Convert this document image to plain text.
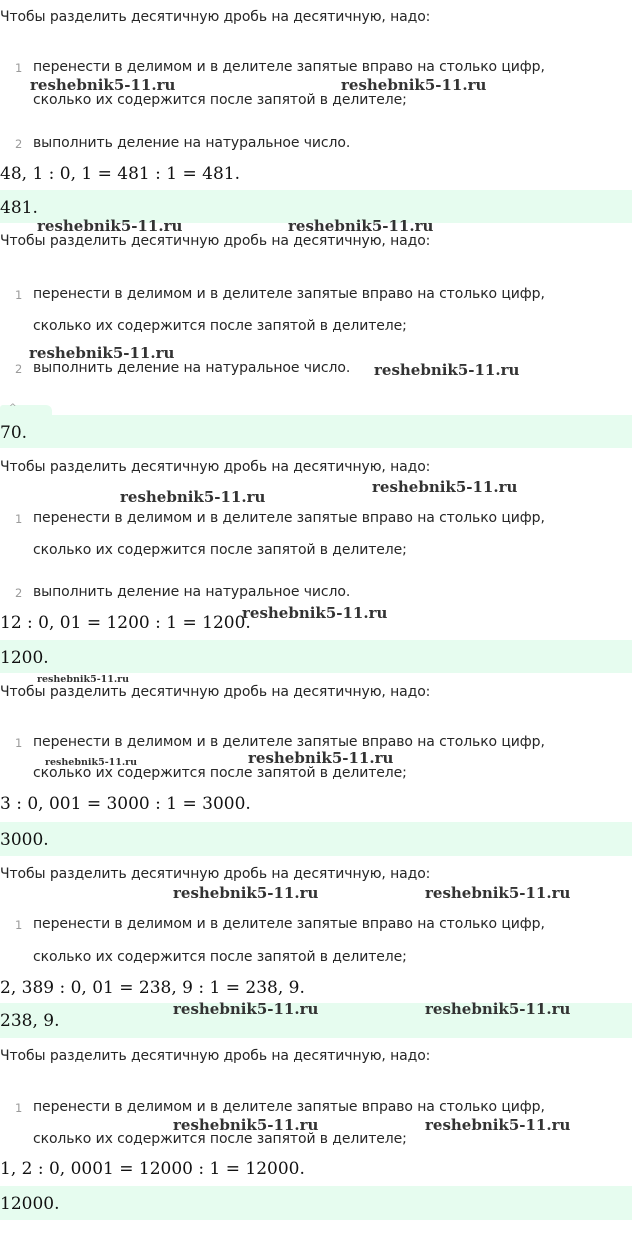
Чтобы разделить десятичную дробь на десятичную, надо:
1 перенести в делимом и в делителе запятые вправо на столько цифр,
сколько их содержится после запятой в делителе;
2 выполнить деление на натуральное число.
48, 1 : 0, 1 = 481 : 1 = 481.
481.
Чтобы разделить десятичную дробь на десятичную, надо:
1 перенести в делимом и в делителе запятые вправо на столько цифр,
сколько их содержится после запятой в делителе;
2 выполнить деление на натуральное число.
^
70.
Чтобы разделить десятичную дробь на десятичную, надо:
1 перенести в делимом и в делителе запятые вправо на столько цифр,
сколько их содержится после запятой в делителе;
2 выполнить деление на натуральное число.
12 : 0, 01 = 1200 : 1 = 1200.
1200.
Чтобы разделить десятичную дробь на десятичную, надо:
1 перенести в делимом и в делителе запятые вправо на столько цифр,
сколько их содержится после запятой в делителе;
3 : 0, 001 = 3000 : 1 = 3000.
3000.
Чтобы разделить десятичную дробь на десятичную, надо:
1 перенести в делимом и в делителе запятые вправо на столько цифр,
сколько их содержится после запятой в делителе;
2, 389 : 0, 01 = 238, 9 : 1 = 238, 9.
238, 9.
Чтобы разделить десятичную дробь на десятичную, надо:
1 перенести в делимом и в делителе запятые вправо на столько цифр,
сколько их содержится после запятой в делителе;
1, 2 : 0, 0001 = 12000 : 1 = 12000.
12000.
reshebnik5-11.ru	reshebnik5-11.ru
reshebnik5-11.ru	reshebnik5-11.ru
reshebnik5-11.ru
reshebnik5-11.ru
reshebnik5-11.ru
reshebnik5-11.ru
reshebnik5-11.ru
reshebnik5-11.ru
reshebnik5-11.ru	reshebnik5-11.ru
reshebnik5-11.ru	reshebnik5-11.ru
reshebnik5-11.ru	reshebnik5-11.ru
reshebnik5-11.ru	reshebnik5-11.ru
